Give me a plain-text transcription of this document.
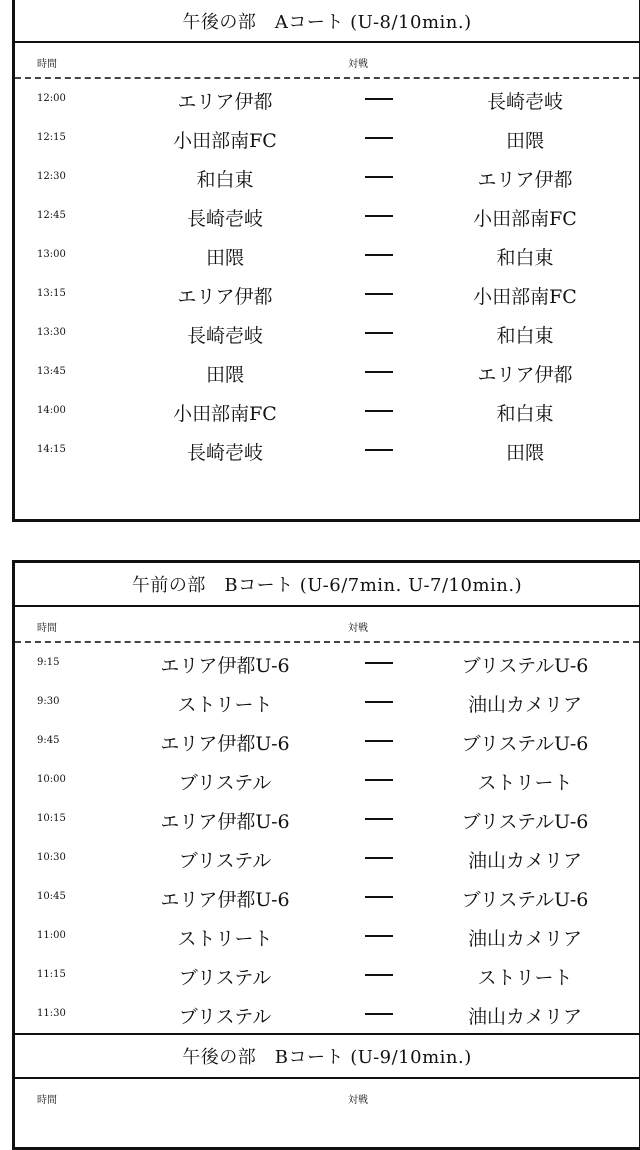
午後の部　Aコート (U-8/10min.)
時間	対戦
12:00	エリア伊都	長崎壱岐
12:15	小田部南FC	田隈
12:30	和白東	エリア伊都
12:45	長崎壱岐	小田部南FC
13:00	田隈	和白東
13:15	エリア伊都	小田部南FC
13:30	長崎壱岐	和白東
13:45	田隈	エリア伊都
14:00	小田部南FC	和白東
14:15	長崎壱岐	田隈
午前の部　Bコート (U-6/7min. U-7/10min.)
時間	対戦
9:15	エリア伊都U-6	ブリステルU-6
9:30	ストリート	油山カメリア
9:45	エリア伊都U-6	ブリステルU-6
10:00	ブリステル	ストリート
10:15	エリア伊都U-6	ブリステルU-6
10:30	ブリステル	油山カメリア
10:45	エリア伊都U-6	ブリステルU-6
11:00	ストリート	油山カメリア
11:15	ブリステル	ストリート
11:30	ブリステル	油山カメリア
午後の部　Bコート (U-9/10min.)
時間	対戦
